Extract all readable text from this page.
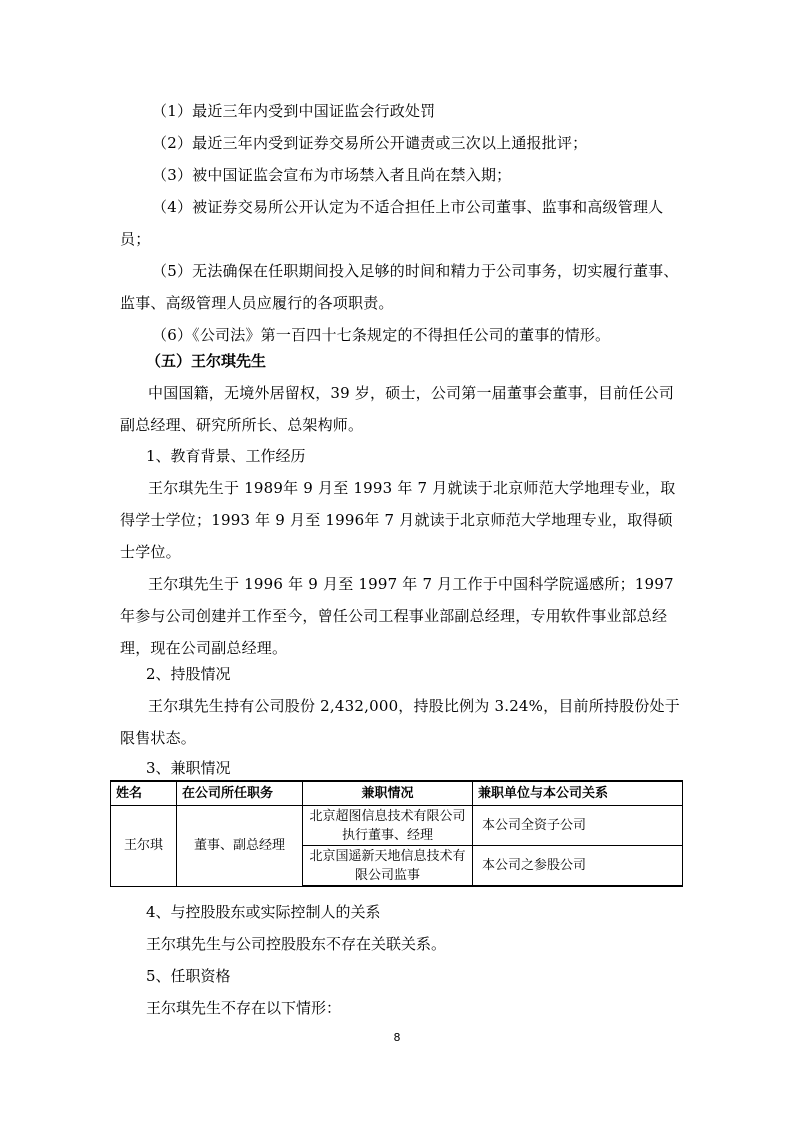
（1）最近三年内受到中国证监会行政处罚
（2）最近三年内受到证券交易所公开谴责或三次以上通报批评；
（3）被中国证监会宣布为市场禁入者且尚在禁入期；
（4）被证券交易所公开认定为不适合担任上市公司董事、监事和高级管理人员；
（5）无法确保在任职期间投入足够的时间和精力于公司事务，切实履行董事、监事、高级管理人员应履行的各项职责。
（6）《公司法》第一百四十七条规定的不得担任公司的董事的情形。
（五）王尔琪先生
中国国籍，无境外居留权，39 岁，硕士，公司第一届董事会董事，目前任公司副总经理、研究所所长、总架构师。
1、教育背景、工作经历
王尔琪先生于 1989年 9 月至 1993 年 7 月就读于北京师范大学地理专业，取得学士学位；1993 年 9 月至 1996年 7 月就读于北京师范大学地理专业，取得硕士学位。
王尔琪先生于 1996 年 9 月至 1997 年 7 月工作于中国科学院遥感所；1997 年参与公司创建并工作至今，曾任公司工程事业部副总经理，专用软件事业部总经理，现在公司副总经理。
2、持股情况
王尔琪先生持有公司股份 2,432,000，持股比例为 3.24%，目前所持股份处于限售状态。
3、兼职情况
姓名	在公司所任职务	兼职情况	兼职单位与本公司关系
王尔琪	董事、副总经理	北京超图信息技术有限公司执行董事、经理	本公司全资子公司
		北京国遥新天地信息技术有限公司监事	本公司之参股公司
4、与控股股东或实际控制人的关系
王尔琪先生与公司控股股东不存在关联关系。
5、任职资格
王尔琪先生不存在以下情形：
8
